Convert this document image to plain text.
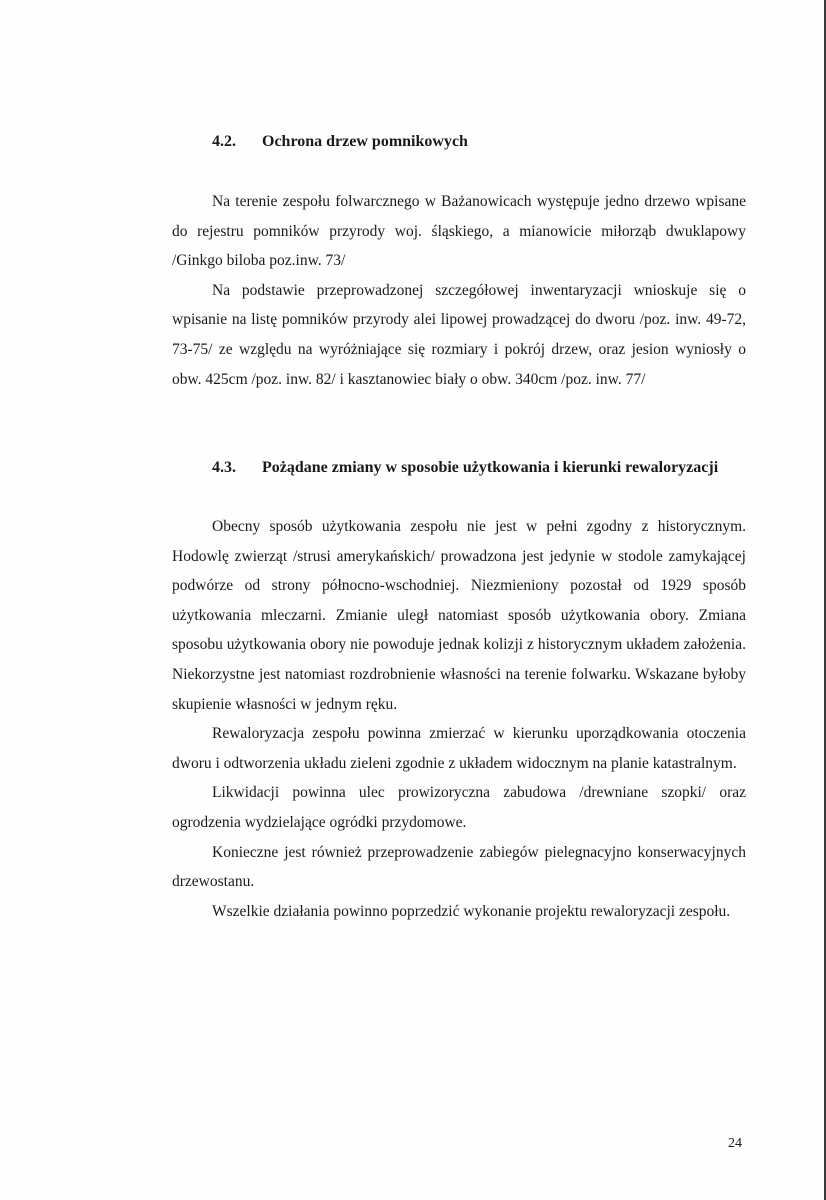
4.2.	Ochrona drzew pomnikowych

Na terenie zespołu folwarcznego w Bażanowicach występuje jedno drzewo wpisane do rejestru pomników przyrody woj. śląskiego, a mianowicie miłorząb dwuklapowy /Ginkgo biloba poz.inw. 73/

Na podstawie przeprowadzonej szczegółowej inwentaryzacji wnioskuje się o wpisanie na listę pomników przyrody alei lipowej prowadzącej do dworu /poz. inw. 49-72, 73-75/ ze względu na wyróżniające się rozmiary i pokrój drzew, oraz jesion wyniosły o obw. 425cm /poz. inw. 82/ i kasztanowiec biały o obw. 340cm /poz. inw. 77/

4.3.	Pożądane zmiany w sposobie użytkowania i kierunki rewaloryzacji

Obecny sposób użytkowania zespołu nie jest w pełni zgodny z historycznym. Hodowlę zwierząt /strusi amerykańskich/ prowadzona jest jedynie w stodole zamykającej podwórze od strony północno-wschodniej. Niezmieniony pozostał od 1929 sposób użytkowania mleczarni. Zmianie uległ natomiast sposób użytkowania obory. Zmiana sposobu użytkowania obory nie powoduje jednak kolizji z historycznym układem założenia. Niekorzystne jest natomiast rozdrobnienie własności na terenie folwarku. Wskazane byłoby skupienie własności w jednym ręku.

Rewaloryzacja zespołu powinna zmierzać w kierunku uporządkowania otoczenia dworu i odtworzenia układu zieleni zgodnie z układem widocznym na planie katastralnym.

Likwidacji powinna ulec prowizoryczna zabudowa /drewniane szopki/ oraz ogrodzenia wydzielające ogródki przydomowe.

Konieczne jest również przeprowadzenie zabiegów pielegnacyjno konserwacyjnych drzewostanu.

Wszelkie działania powinno poprzedzić wykonanie projektu rewaloryzacji zespołu.

24
